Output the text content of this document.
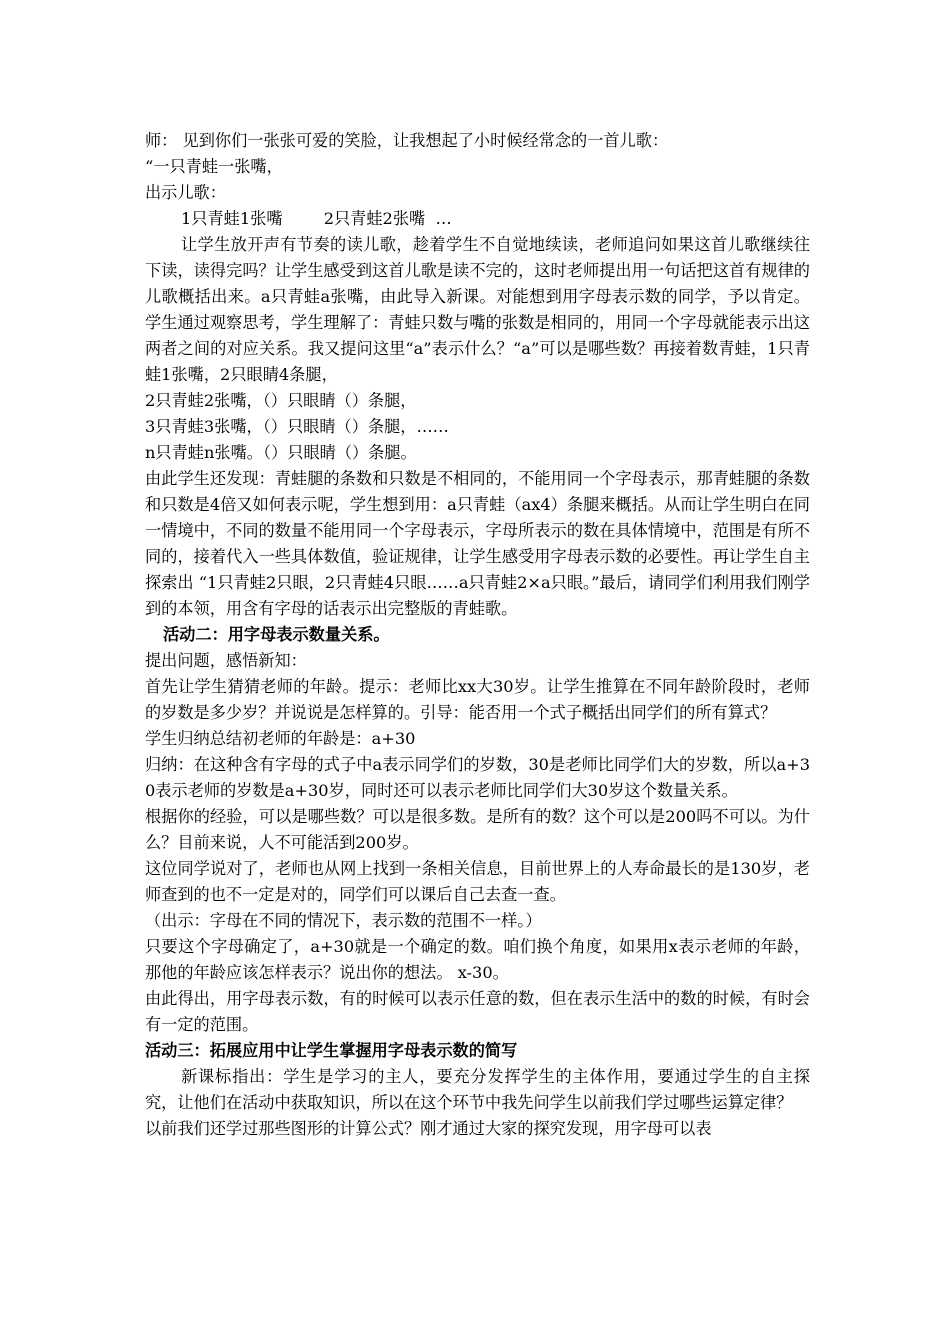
师： 见到你们一张张可爱的笑脸，让我想起了小时候经常念的一首儿歌：

“一只青蛙一张嘴，

出示儿歌：

1只青蛙1张嘴        2只青蛙2张嘴  …

让学生放开声有节奏的读儿歌，趁着学生不自觉地续读，老师追问如果这首儿歌继续往下读，读得完吗？让学生感受到这首儿歌是读不完的，这时老师提出用一句话把这首有规律的儿歌概括出来。a只青蛙a张嘴，由此导入新课。对能想到用字母表示数的同学，予以肯定。学生通过观察思考，学生理解了：青蛙只数与嘴的张数是相同的，用同一个字母就能表示出这两者之间的对应关系。我又提问这里“a”表示什么？“a”可以是哪些数？再接着数青蛙，1只青蛙1张嘴，2只眼睛4条腿，

2只青蛙2张嘴，（）只眼睛（）条腿，

3只青蛙3张嘴，（）只眼睛（）条腿，……

n只青蛙n张嘴。（）只眼睛（）条腿。

由此学生还发现：青蛙腿的条数和只数是不相同的，不能用同一个字母表示，那青蛙腿的条数和只数是4倍又如何表示呢，学生想到用：a只青蛙（ax4）条腿来概括。从而让学生明白在同一情境中，不同的数量不能用同一个字母表示，字母所表示的数在具体情境中，范围是有所不同的，接着代入一些具体数值，验证规律，让学生感受用字母表示数的必要性。再让学生自主探索出 “1只青蛙2只眼，2只青蛙4只眼……a只青蛙2×a只眼。”最后，请同学们利用我们刚学到的本领，用含有字母的话表示出完整版的青蛙歌。

活动二：用字母表示数量关系。

提出问题，感悟新知：

首先让学生猜猜老师的年龄。提示：老师比xx大30岁。让学生推算在不同年龄阶段时，老师的岁数是多少岁？并说说是怎样算的。引导：能否用一个式子概括出同学们的所有算式？

学生归纳总结初老师的年龄是：a+30

归纳：在这种含有字母的式子中a表示同学们的岁数，30是老师比同学们大的岁数，所以a+30表示老师的岁数是a+30岁，同时还可以表示老师比同学们大30岁这个数量关系。

根据你的经验，可以是哪些数？可以是很多数。是所有的数？这个可以是200吗不可以。为什么？目前来说，人不可能活到200岁。

这位同学说对了，老师也从网上找到一条相关信息，目前世界上的人寿命最长的是130岁，老师查到的也不一定是对的，同学们可以课后自己去查一查。

（出示：字母在不同的情况下，表示数的范围不一样。）

只要这个字母确定了，a+30就是一个确定的数。咱们换个角度，如果用x表示老师的年龄，那他的年龄应该怎样表示？说出你的想法。 x-30。

由此得出，用字母表示数，有的时候可以表示任意的数，但在表示生活中的数的时候，有时会有一定的范围。

活动三：拓展应用中让学生掌握用字母表示数的简写

新课标指出：学生是学习的主人，要充分发挥学生的主体作用，要通过学生的自主探究，让他们在活动中获取知识，所以在这个环节中我先问学生以前我们学过哪些运算定律？

以前我们还学过那些图形的计算公式？刚才通过大家的探究发现，用字母可以表
